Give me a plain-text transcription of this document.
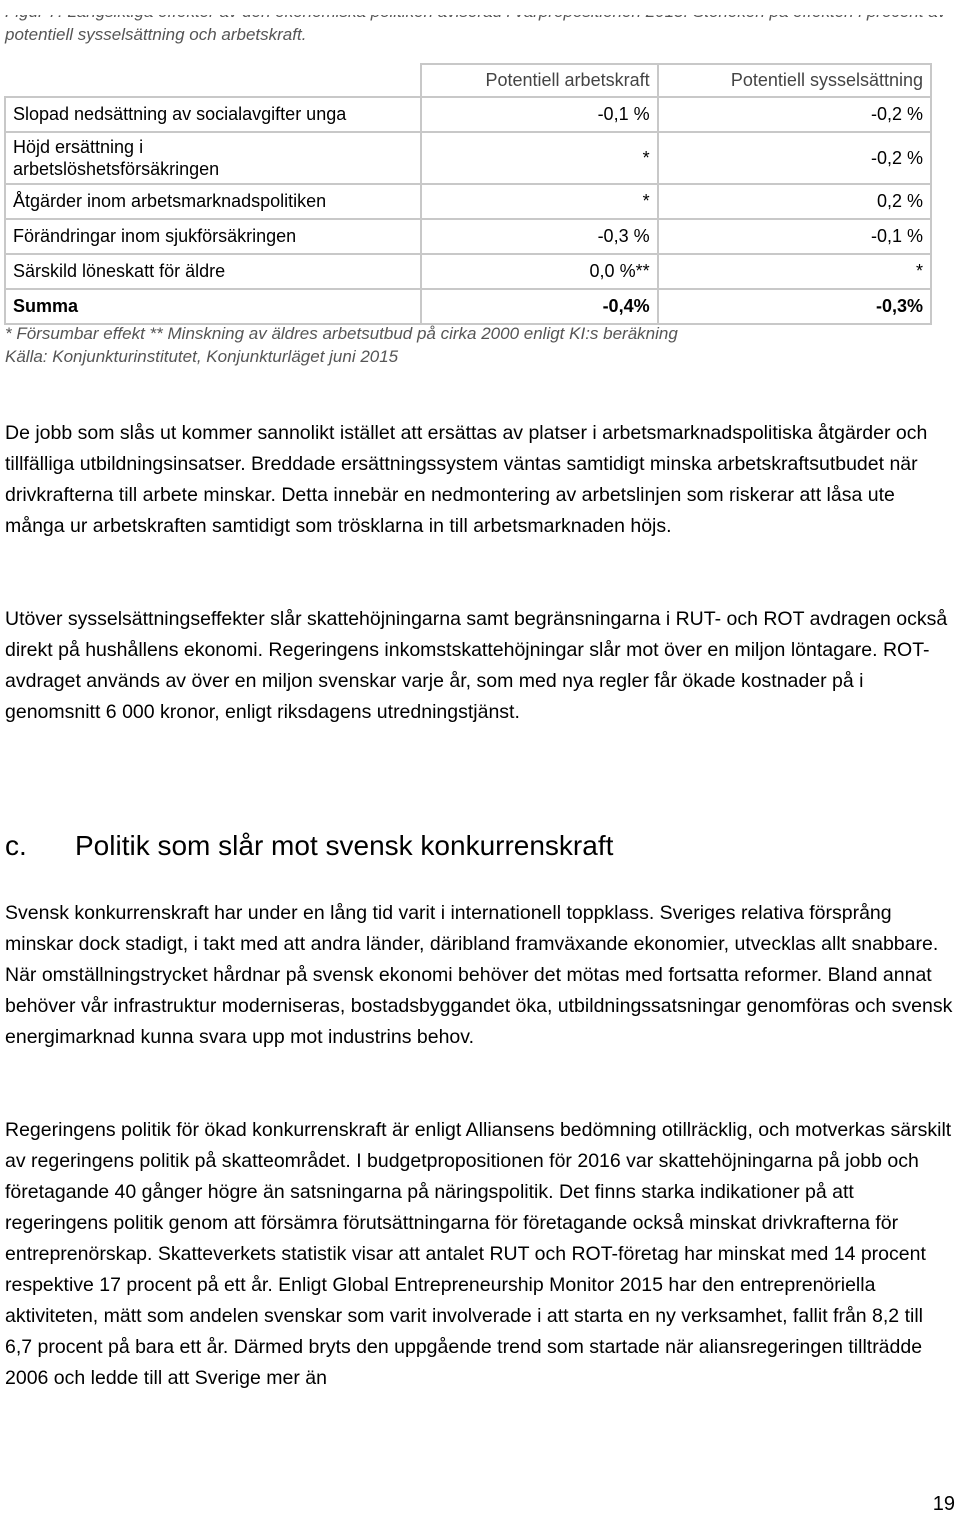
potentiell sysselsättning och arbetskraft.
	Potentiell arbetskraft	Potentiell sysselsättning
Slopad nedsättning av socialavgifter unga	-0,1 %	-0,2 %
Höjd ersättning i
arbetslöshetsförsäkringen	*	-0,2 %
Åtgärder inom arbetsmarknadspolitiken	*	0,2 %
Förändringar inom sjukförsäkringen	-0,3 %	-0,1 %
Särskild löneskatt för äldre	0,0 %**	*
Summa	-0,4%	-0,3%
* Försumbar effekt ** Minskning av äldres arbetsutbud på cirka 2000 enligt KI:s beräkning
Källa: Konjunkturinstitutet, Konjunkturläget juni 2015

De jobb som slås ut kommer sannolikt istället att ersättas av platser i arbetsmarknadspolitiska åtgärder och tillfälliga utbildningsinsatser. Breddade ersättningssystem väntas samtidigt minska arbetskraftsutbudet när drivkrafterna till arbete minskar. Detta innebär en nedmontering av arbetslinjen som riskerar att låsa ute många ur arbetskraften samtidigt som trösklarna in till arbetsmarknaden höjs.

Utöver sysselsättningseffekter slår skattehöjningarna samt begränsningarna i RUT- och ROT avdragen också direkt på hushållens ekonomi. Regeringens inkomstskattehöjningar slår mot över en miljon löntagare. ROT-avdraget används av över en miljon svenskar varje år, som med nya regler får ökade kostnader på i genomsnitt 6 000 kronor, enligt riksdagens utredningstjänst.

c. Politik som slår mot svensk konkurrenskraft

Svensk konkurrenskraft har under en lång tid varit i internationell toppklass. Sveriges relativa försprång minskar dock stadigt, i takt med att andra länder, däribland framväxande ekonomier, utvecklas allt snabbare. När omställningstrycket hårdnar på svensk ekonomi behöver det mötas med fortsatta reformer. Bland annat behöver vår infrastruktur moderniseras, bostadsbyggandet öka, utbildningssatsningar genomföras och svensk energimarknad kunna svara upp mot industrins behov.

Regeringens politik för ökad konkurrenskraft är enligt Alliansens bedömning otillräcklig, och motverkas särskilt av regeringens politik på skatteområdet. I budgetpropositionen för 2016 var skattehöjningarna på jobb och företagande 40 gånger högre än satsningarna på näringspolitik. Det finns starka indikationer på att regeringens politik genom att försämra förutsättningarna för företagande också minskat drivkrafterna för entreprenörskap. Skatteverkets statistik visar att antalet RUT och ROT-företag har minskat med 14 procent respektive 17 procent på ett år. Enligt Global Entrepreneurship Monitor 2015 har den entreprenöriella aktiviteten, mätt som andelen svenskar som varit involverade i att starta en ny verksamhet, fallit från 8,2 till 6,7 procent på bara ett år. Därmed bryts den uppgående trend som startade när aliansregeringen tillträdde 2006 och ledde till att Sverige mer än

19
